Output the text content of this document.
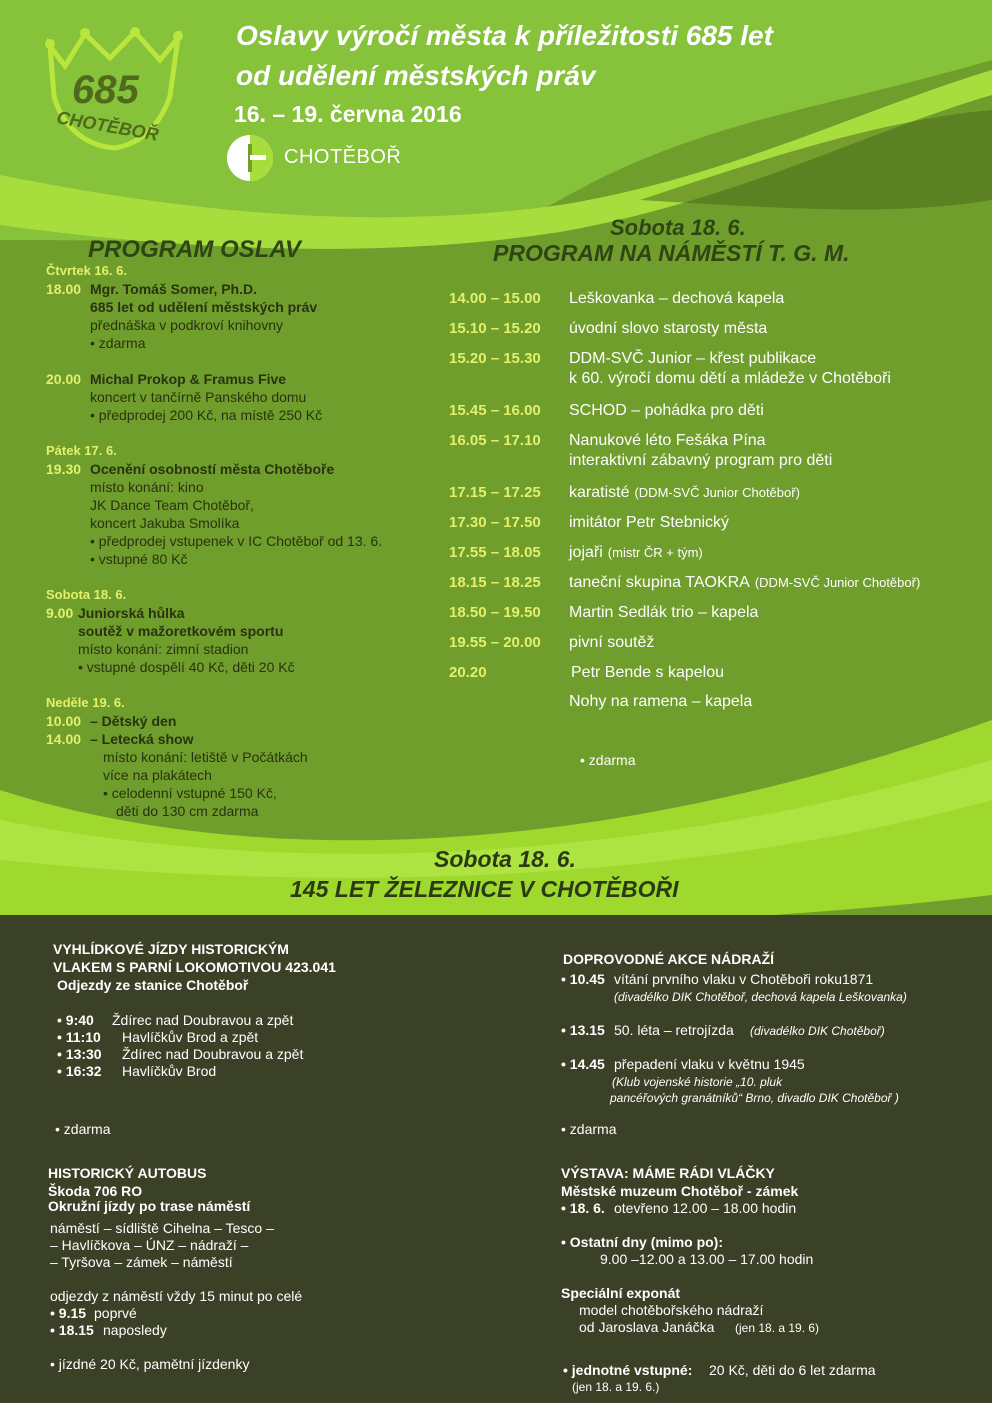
685
CHOTĚBOŘ
Oslavy výročí města k příležitosti 685 let
od udělení městských práv
16. – 19. června 2016
CHOTĚBOŘ
PROGRAM OSLAV
Čtvrtek 16. 6.
18.00 Mgr. Tomáš Somer, Ph.D.
685 let od udělení městských práv
přednáška v podkroví knihovny
• zdarma
20.00 Michal Prokop & Framus Five
koncert v tančírně Panského domu
• předprodej 200 Kč, na místě 250 Kč
Pátek 17. 6.
19.30 Ocenění osobností města Chotěboře
místo konání: kino
JK Dance Team Chotěboř,
koncert Jakuba Smolíka
• předprodej vstupenek v IC Chotěboř od 13. 6.
• vstupné 80 Kč
Sobota 18. 6.
9.00 Juniorská hůlka
soutěž v mažoretkovém sportu
místo konání: zimní stadion
• vstupné dospělí 40 Kč, děti 20 Kč
Neděle 19. 6.
10.00 – Dětský den
14.00 – Letecká show
místo konání: letiště v Počátkách
více na plakátech
• celodenní vstupné 150 Kč,
děti do 130 cm zdarma
Sobota 18. 6.
PROGRAM NA NÁMĚSTÍ T. G. M.
14.00 – 15.00 Leškovanka – dechová kapela
15.10 – 15.20 úvodní slovo starosty města
15.20 – 15.30 DDM-SVČ Junior – křest publikace
15.45 – 16.00 SCHOD – pohádka pro děti
16.05 – 17.10 Nanukové léto Fešáka Pína
17.15 – 17.25 karatisté (DDM-SVČ Junior Chotěboř)
17.30 – 17.50 imitátor Petr Stebnický
17.55 – 18.05 jojaři (mistr ČR + tým)
18.15 – 18.25 taneční skupina TAOKRA (DDM-SVČ Junior Chotěboř)
18.50 – 19.50 Martin Sedlák trio – kapela
19.55 – 20.00 pivní soutěž
20.20	Petr Bende s kapelou
k 60. výročí domu dětí a mládeže v Chotěboři
interaktivní zábavný program pro děti
Nohy na ramena – kapela
• zdarma
Sobota 18. 6.
145 LET ŽELEZNICE V CHOTĚBOŘI
VYHLÍDKOVÉ JÍZDY HISTORICKÝM
VLAKEM S PARNÍ LOKOMOTIVOU 423.041
Odjezdy ze stanice Chotěboř
• 9:40 Ždírec nad Doubravou a zpět
• 11:10 Havlíčkův Brod a zpět
• 13:30 Ždírec nad Doubravou a zpět
• 16:32 Havlíčkův Brod
• zdarma
DOPROVODNÉ AKCE NÁDRAŽÍ
• 10.45 vítání prvního vlaku v Chotěboři roku1871
(divadélko DIK Chotěboř, dechová kapela Leškovanka)
• 13.15 50. léta – retrojízda (divadélko DIK Chotěboř)
• 14.45 přepadení vlaku v květnu 1945
(Klub vojenské historie „10. pluk
pancéřových granátníků“ Brno, divadlo DIK Chotěboř )
• zdarma
HISTORICKÝ AUTOBUS
Škoda 706 RO
Okružní jízdy po trase náměstí
náměstí – sídliště Cihelna – Tesco –
– Havlíčkova – ÚNZ – nádraží –
– Tyršova – zámek – náměstí
odjezdy z náměstí vždy 15 minut po celé
• 9.15 poprvé
• 18.15 naposledy
• jízdné 20 Kč, pamětní jízdenky
VÝSTAVA: MÁME RÁDI VLÁČKY
Městské muzeum Chotěboř - zámek
• 18. 6. otevřeno 12.00 – 18.00 hodin
• Ostatní dny (mimo po):
9.00 –12.00 a 13.00 – 17.00 hodin
Speciální exponát
model chotěbořského nádraží
od Jaroslava Janáčka (jen 18. a 19. 6)
• jednotné vstupné: 20 Kč, děti do 6 let zdarma
(jen 18. a 19. 6.)
